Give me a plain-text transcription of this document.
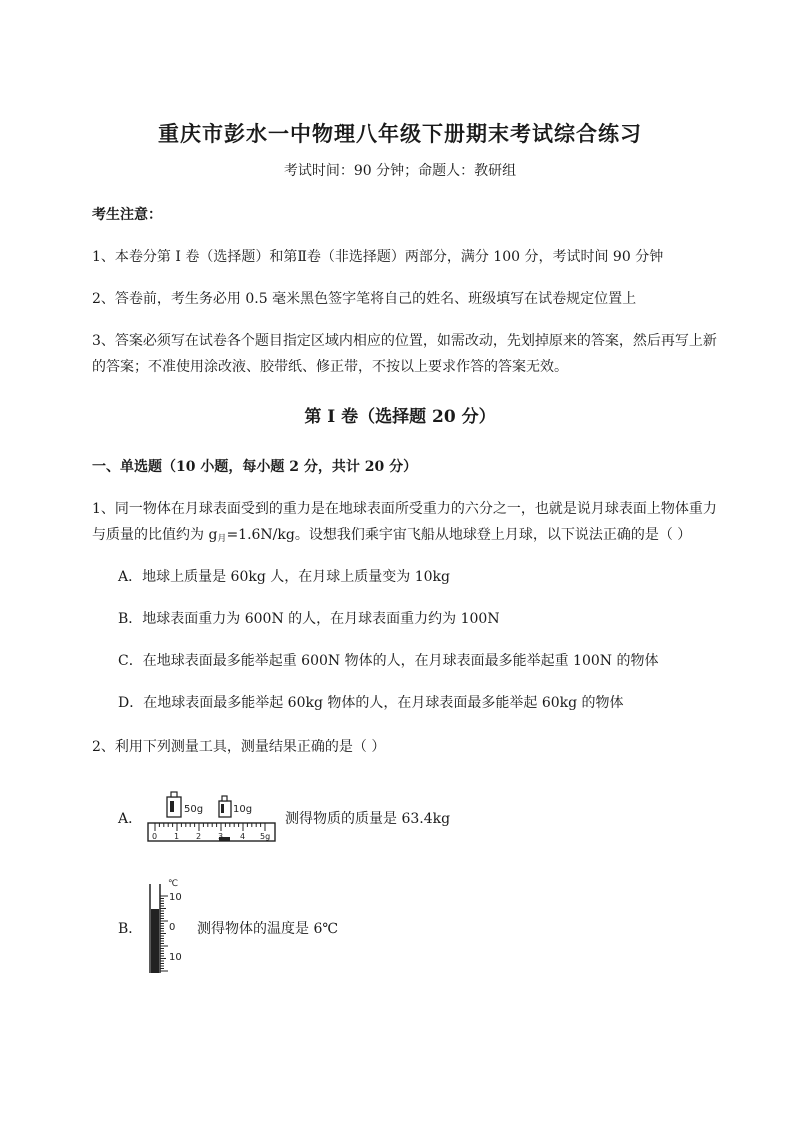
重庆市彭水一中物理八年级下册期末考试综合练习
考试时间：90 分钟；命题人：教研组
考生注意：
1、本卷分第 I 卷（选择题）和第Ⅱ卷（非选择题）两部分，满分 100 分，考试时间 90 分钟
2、答卷前，考生务必用 0.5 毫米黑色签字笔将自己的姓名、班级填写在试卷规定位置上
3、答案必须写在试卷各个题目指定区域内相应的位置，如需改动，先划掉原来的答案，然后再写上新
的答案；不准使用涂改液、胶带纸、修正带，不按以上要求作答的答案无效。
第 I 卷（选择题 20 分）
一、单选题（10 小题，每小题 2 分，共计 20 分）
1、同一物体在月球表面受到的重力是在地球表面所受重力的六分之一，也就是说月球表面上物体重力
与质量的比值约为 $g_月=1.6N/kg$。设想我们乘宇宙飞船从地球登上月球，以下说法正确的是（ ）
A．地球上质量是 60kg 人，在月球上质量变为 10kg
B．地球表面重力为 600N 的人，在月球表面重力约为 100N
C．在地球表面最多能举起重 600N 物体的人，在月球表面最多能举起重 100N 的物体
D．在地球表面最多能举起 60kg 物体的人，在月球表面最多能举起 60kg 的物体
2、利用下列测量工具，测量结果正确的是（ ）
A．
50g	10g
0 1 2 3 4 5g
测得物质的质量是 63.4kg
B．
℃
10
0
10
测得物体的温度是 6℃
